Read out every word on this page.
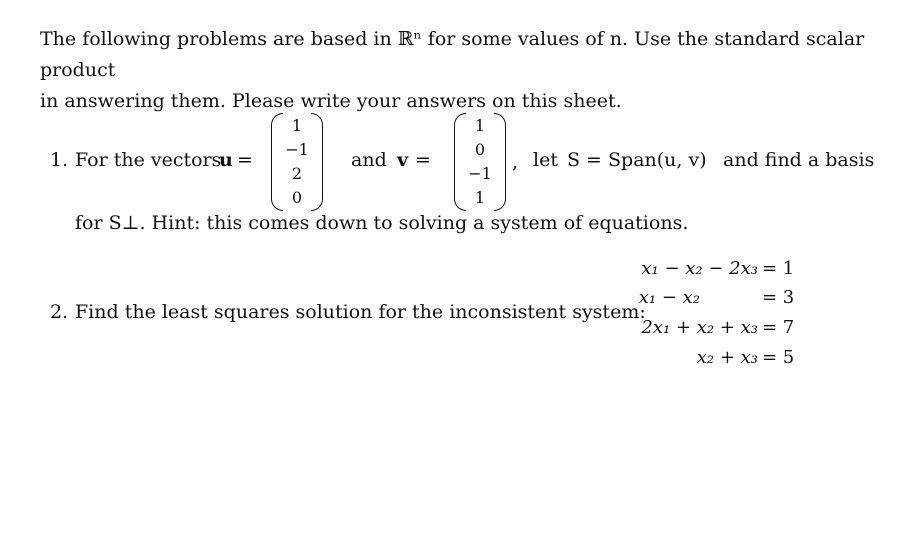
The following problems are based in ℝⁿ for some values of n. Use the standard scalar product
in answering them. Please write your answers on this sheet.
1. For the vectors
u =
1
−1
2
0
and v =
1
0
−1
1
, let S = Span(u, v) and find a basis
for S⊥. Hint: this comes down to solving a system of equations.
2. Find the least squares solution for the inconsistent system:
x₁ − x₂ − 2x₃ = 1
x₁ − x₂	= 3
2x₁ + x₂ + x₃ = 7
x₂ + x₃ = 5
